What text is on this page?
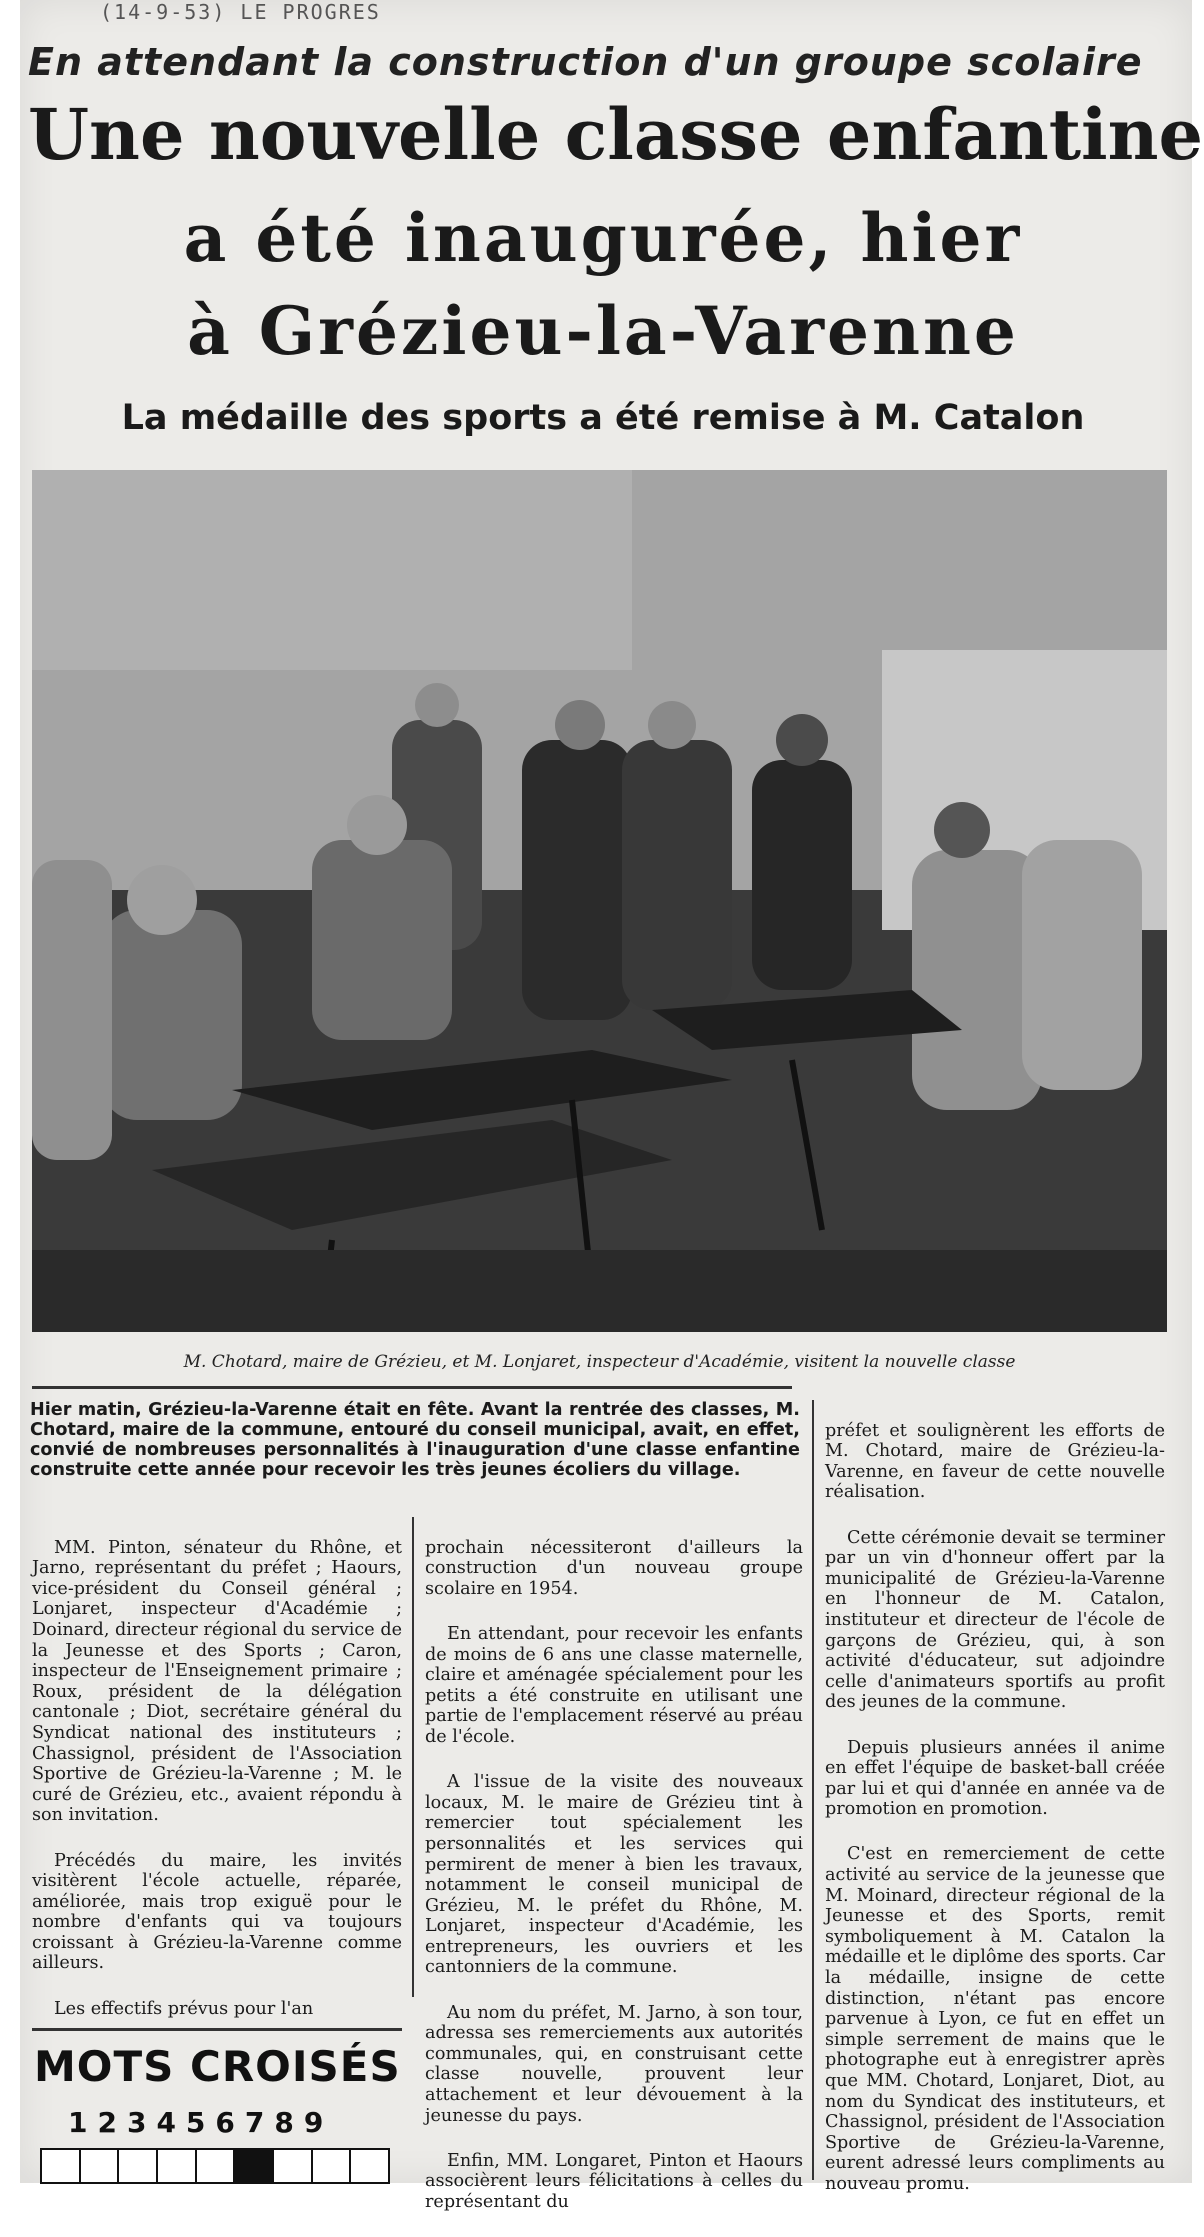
(14-9-53) LE PROGRES
En attendant la construction d'un groupe scolaire
Une nouvelle classe enfantine
a été inaugurée, hier
à Grézieu-la-Varenne
La médaille des sports a été remise à M. Catalon
M. Chotard, maire de Grézieu, et M. Lonjaret, inspecteur d'Académie, visitent la nouvelle classe
Hier matin, Grézieu-la-Varenne était en fête. Avant la rentrée des classes, M. Chotard, maire de la commune, entouré du conseil municipal, avait, en effet, convié de nombreuses personnalités à l'inauguration d'une classe enfantine construite cette année pour recevoir les très jeunes écoliers du village.

MM. Pinton, sénateur du Rhône, et Jarno, représentant du préfet ; Haours, vice-président du Conseil général ; Lonjaret, inspecteur d'Académie ; Doinard, directeur régional du service de la Jeunesse et des Sports ; Caron, inspecteur de l'Enseignement primaire ; Roux, président de la délégation cantonale ; Diot, secrétaire général du Syndicat national des instituteurs ; Chassignol, président de l'Association Sportive de Grézieu-la-Varenne ; M. le curé de Grézieu, etc., avaient répondu à son invitation.

Précédés du maire, les invités visitèrent l'école actuelle, réparée, améliorée, mais trop exiguë pour le nombre d'enfants qui va toujours croissant à Grézieu-la-Varenne comme ailleurs.

Les effectifs prévus pour l'an

prochain nécessiteront d'ailleurs la construction d'un nouveau groupe scolaire en 1954.

En attendant, pour recevoir les enfants de moins de 6 ans une classe maternelle, claire et aménagée spécialement pour les petits a été construite en utilisant une partie de l'emplacement réservé au préau de l'école.

A l'issue de la visite des nouveaux locaux, M. le maire de Grézieu tint à remercier tout spécialement les personnalités et les services qui permirent de mener à bien les travaux, notamment le conseil municipal de Grézieu, M. le préfet du Rhône, M. Lonjaret, inspecteur d'Académie, les entrepreneurs, les ouvriers et les cantonniers de la commune.

Au nom du préfet, M. Jarno, à son tour, adressa ses remerciements aux autorités communales, qui, en construisant cette classe nouvelle, prouvent leur attachement et leur dévouement à la jeunesse du pays.

Enfin, MM. Longaret, Pinton et Haours associèrent leurs félicitations à celles du représentant du

préfet et soulignèrent les efforts de M. Chotard, maire de Grézieu-la-Varenne, en faveur de cette nouvelle réalisation.

Cette cérémonie devait se terminer par un vin d'honneur offert par la municipalité de Grézieu-la-Varenne en l'honneur de M. Catalon, instituteur et directeur de l'école de garçons de Grézieu, qui, à son activité d'éducateur, sut adjoindre celle d'animateurs sportifs au profit des jeunes de la commune.

Depuis plusieurs années il anime en effet l'équipe de basket-ball créée par lui et qui d'année en année va de promotion en promotion.

C'est en remerciement de cette activité au service de la jeunesse que M. Moinard, directeur régional de la Jeunesse et des Sports, remit symboliquement à M. Catalon la médaille et le diplôme des sports. Car la médaille, insigne de cette distinction, n'étant pas encore parvenue à Lyon, ce fut en effet un simple serrement de mains que le photographe eut à enregistrer après que MM. Chotard, Lonjaret, Diot, au nom du Syndicat des instituteurs, et Chassignol, président de l'Association Sportive de Grézieu-la-Varenne, eurent adressé leurs compliments au nouveau promu.

MOTS CROISÉS
123456789
